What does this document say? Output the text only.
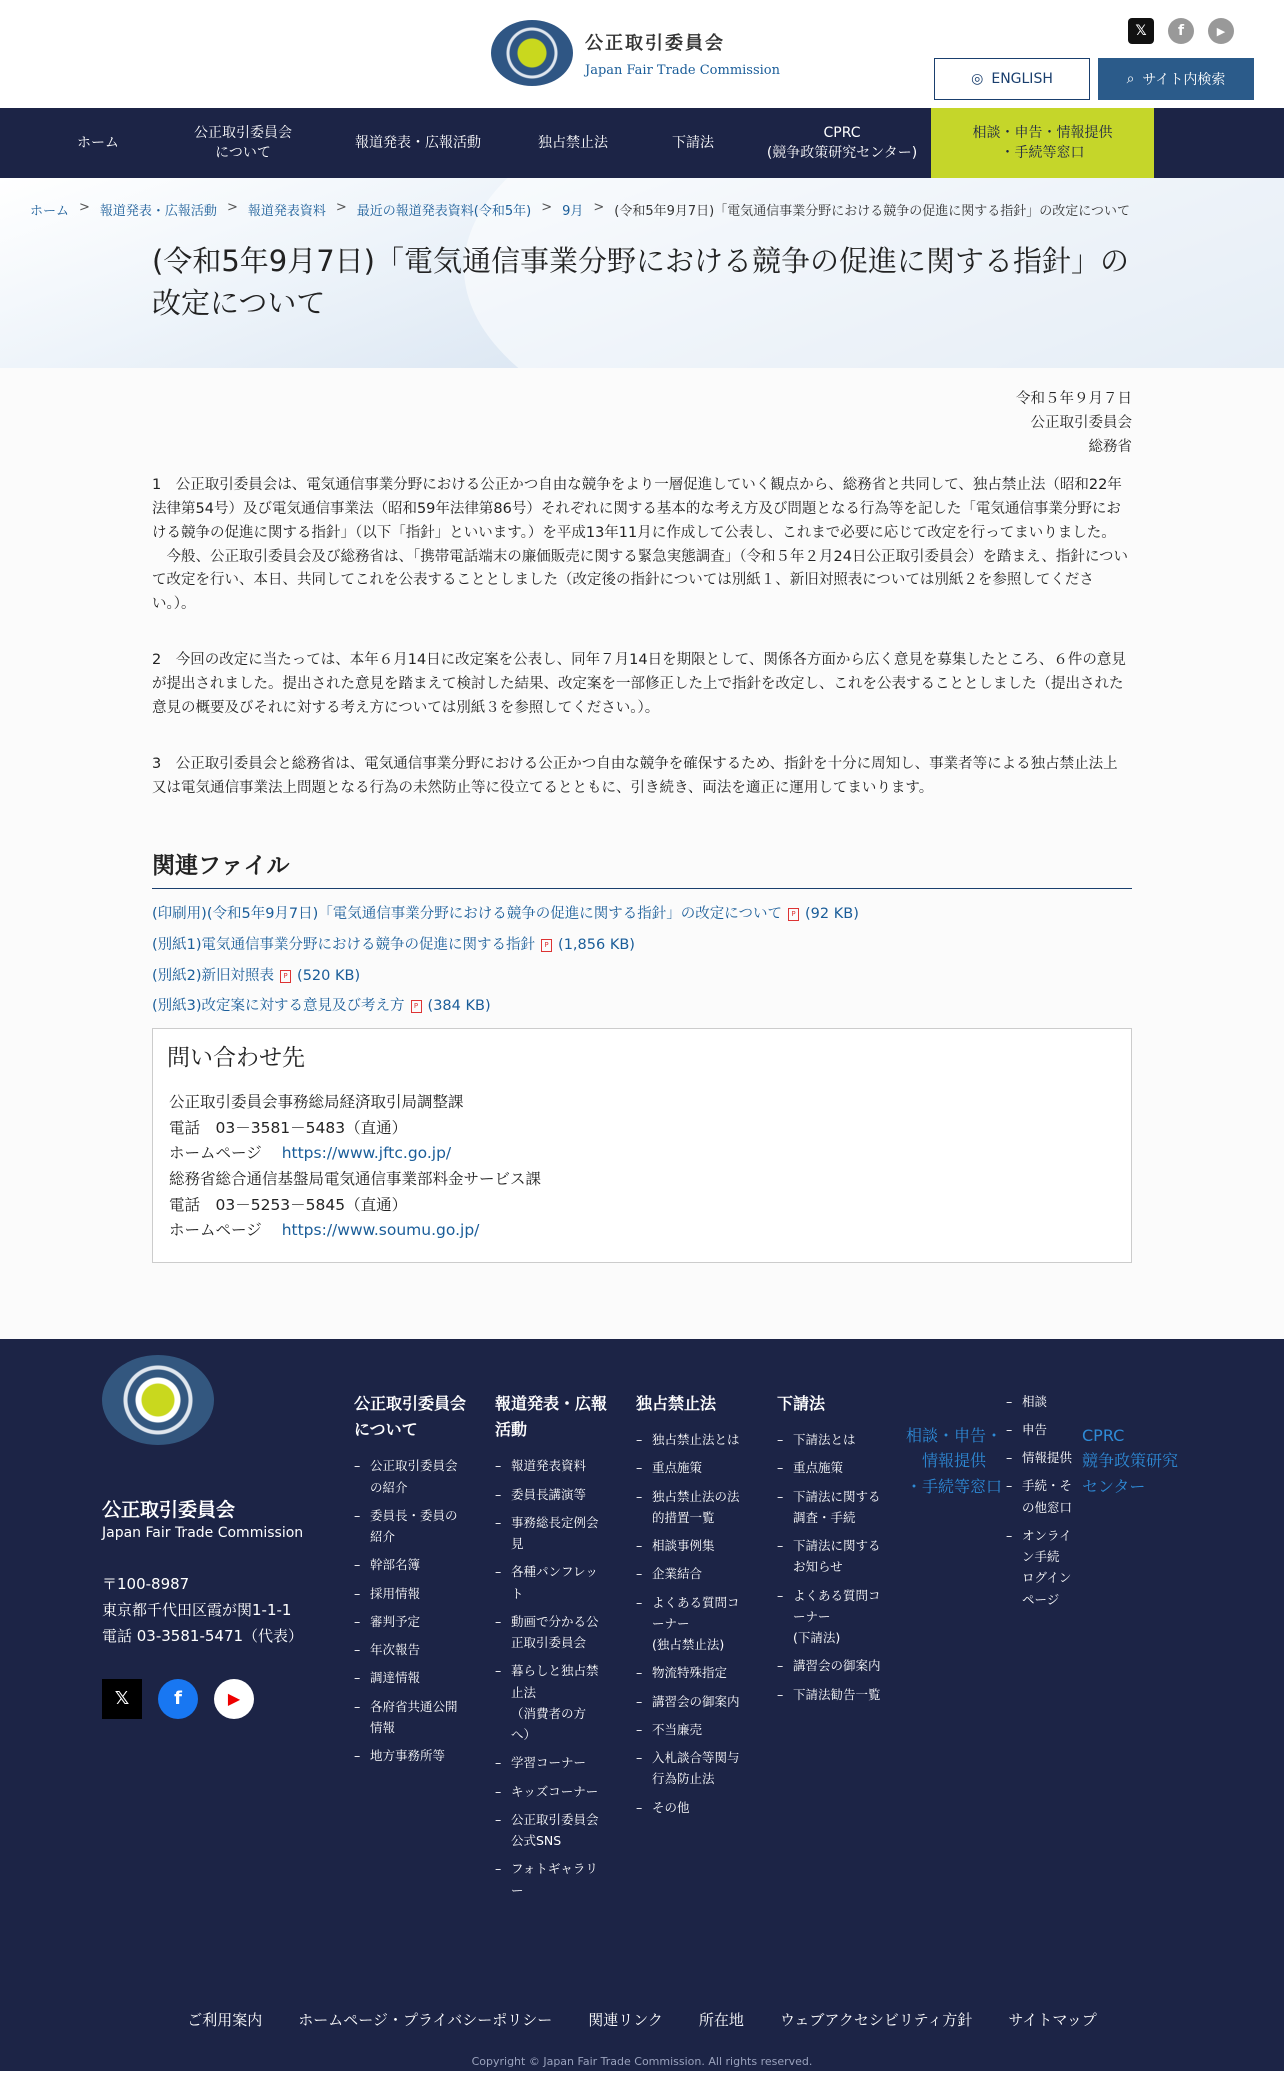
公正取引委員会
Japan Fair Trade Commission
𝕏	f	▶
◎ ENGLISH	⌕ サイト内検索
ホーム
公正取引委員会
について
報道発表・広報活動	独占禁止法	下請法
CPRC
(競争政策研究センター)
相談・申告・情報提供
・手続等窓口
ホーム > 報道発表・広報活動 > 報道発表資料 > 最近の報道発表資料(令和5年) > 9月 > (令和5年9月7日)「電気通信事業分野における競争の促進に関する指針」の改定について
(令和5年9月7日)「電気通信事業分野における競争の促進に関する指針」の改定について
令和５年９月７日
公正取引委員会
総務省

1　公正取引委員会は、電気通信事業分野における公正かつ自由な競争をより一層促進していく観点から、総務省と共同して、独占禁止法（昭和22年法律第54号）及び電気通信事業法（昭和59年法律第86号）それぞれに関する基本的な考え方及び問題となる行為等を記した「電気通信事業分野における競争の促進に関する指針」（以下「指針」といいます。）を平成13年11月に作成して公表し、これまで必要に応じて改定を行ってまいりました。
　今般、公正取引委員会及び総務省は、「携帯電話端末の廉価販売に関する緊急実態調査」（令和５年２月24日公正取引委員会）を踏まえ、指針について改定を行い、本日、共同してこれを公表することとしました（改定後の指針については別紙１、新旧対照表については別紙２を参照してください。）。

2　今回の改定に当たっては、本年６月14日に改定案を公表し、同年７月14日を期限として、関係各方面から広く意見を募集したところ、６件の意見が提出されました。提出された意見を踏まえて検討した結果、改定案を一部修正した上で指針を改定し、これを公表することとしました（提出された意見の概要及びそれに対する考え方については別紙３を参照してください。）。

3　公正取引委員会と総務省は、電気通信事業分野における公正かつ自由な競争を確保するため、指針を十分に周知し、事業者等による独占禁止法上又は電気通信事業法上問題となる行為の未然防止等に役立てるとともに、引き続き、両法を適正に運用してまいります。

関連ファイル
(印刷用)(令和5年9月7日)「電気通信事業分野における競争の促進に関する指針」の改定について	P (92 KB)
(別紙1)電気通信事業分野における競争の促進に関する指針	P (1,856 KB)
(別紙2)新旧対照表	P (520 KB)
(別紙3)改定案に対する意見及び考え方	P (384 KB)
問い合わせ先
公正取引委員会事務総局経済取引局調整課
電話　03－3581－5483（直通）
ホームページ https://www.jftc.go.jp/
総務省総合通信基盤局電気通信事業部料金サービス課
電話　03－5253－5845（直通）
ホームページ https://www.soumu.go.jp/
公正取引委員会
Japan Fair Trade Commission
〒100-8987
東京都千代田区霞が関1-1-1
電話 03-3581-5471（代表）
𝕏	f	▶
公正取引委員会
について
– 公正取引委員会
の紹介
– 委員長・委員の
紹介
– 幹部名簿
– 採用情報
– 審判予定
– 年次報告
– 調達情報
– 各府省共通公開
情報
– 地方事務所等
報道発表・広報
活動
– 報道発表資料
– 委員長講演等
– 事務総長定例会
見
– 各種パンフレッ
ト
– 動画で分かる公
正取引委員会
– 暮らしと独占禁
止法
（消費者の方
へ）
– 学習コーナー
– キッズコーナー
– 公正取引委員会
公式SNS
– フォトギャラリ
ー
独占禁止法
– 独占禁止法とは
– 重点施策
– 独占禁止法の法
的措置一覧
– 相談事例集
– 企業結合
– よくある質問コ
ーナー
(独占禁止法)
– 物流特殊指定
– 講習会の御案内
– 不当廉売
– 入札談合等関与
行為防止法
– その他
下請法
– 下請法とは
– 重点施策
– 下請法に関する
調査・手続
– 下請法に関する
お知らせ
– よくある質問コ
ーナー
(下請法)
– 講習会の御案内
– 下請法勧告一覧
相談・申告・
情報提供
・手続等窓口
– 相談
– 申告
– 情報提供
– 手続・そ
の他窓口
– オンライ
ン手続
ログイン
ページ
CPRC
競争政策研究
センター
ご利用案内 ホームページ・プライバシーポリシー 関連リンク 所在地 ウェブアクセシビリティ方針 サイトマップ
Copyright © Japan Fair Trade Commission. All rights reserved.
